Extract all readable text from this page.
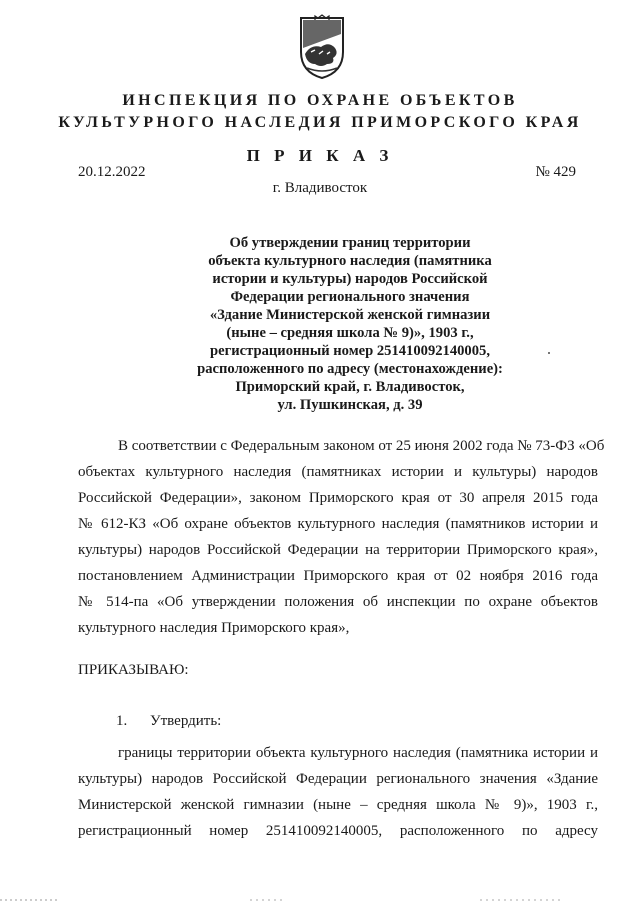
ИНСПЕКЦИЯ ПО ОХРАНЕ ОБЪЕКТОВ
КУЛЬТУРНОГО НАСЛЕДИЯ ПРИМОРСКОГО КРАЯ
П Р И К А З
20.12.2022	№ 429
г. Владивосток
Об утверждении границ территории
объекта культурного наследия (памятника
истории и культуры) народов Российской
Федерации регионального значения
«Здание Министерской женской гимназии
(ныне – средняя школа № 9)», 1903 г.,
регистрационный номер 251410092140005,
расположенного по адресу (местонахождение):
Приморский край, г. Владивосток,
ул. Пушкинская, д. 39
В соответствии с Федеральным законом от 25 июня 2002 года № 73-ФЗ «Об
объектах культурного наследия (памятниках истории и культуры) народов
Российской Федерации», законом Приморского края от 30 апреля 2015 года
№ 612-КЗ «Об охране объектов культурного наследия (памятников истории и
культуры) народов Российской Федерации на территории Приморского края»,
постановлением Администрации Приморского края от 02 ноября 2016 года
№ 514-па «Об утверждении положения об инспекции по охране объектов
культурного наследия Приморского края»,
ПРИКАЗЫВАЮ:
1. Утвердить:
границы территории объекта культурного наследия (памятника истории и
культуры) народов Российской Федерации регионального значения «Здание
Министерской женской гимназии (ныне – средняя школа № 9)», 1903 г.,
регистрационный номер 251410092140005, расположенного по адресу
